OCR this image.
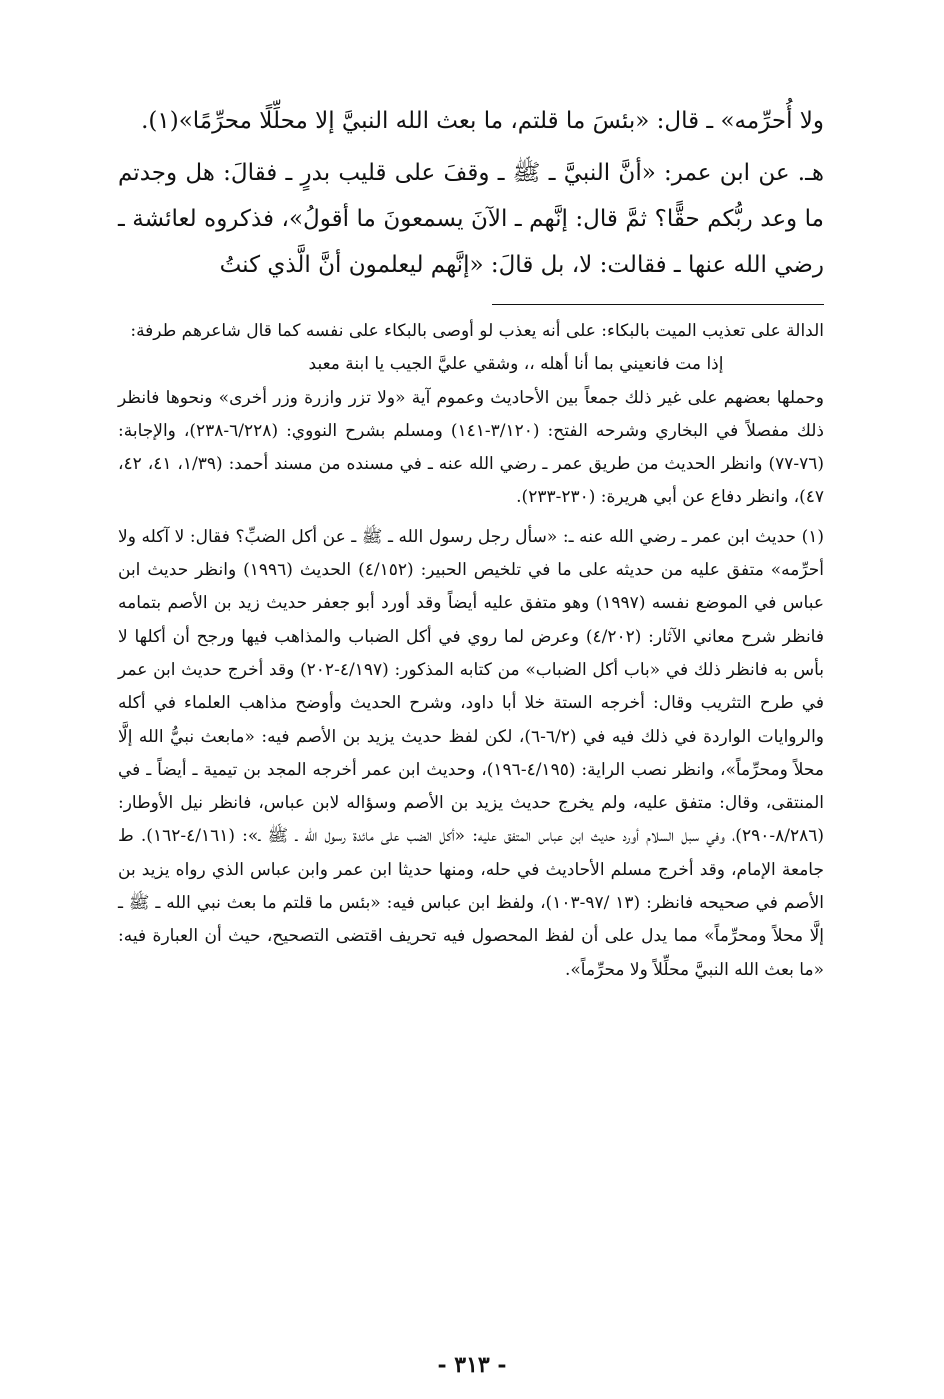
ولا أُحرِّمه» ـ قال: «بئسَ ما قلتم، ما بعث الله النبيَّ إلا محلِّلًا محرِّمًا»(١).

هـ. عن ابن عمر: «أنَّ النبيَّ ـ ﷺ ـ وقفَ على قليب بدرٍ ـ فقالَ: هل وجدتم ما وعد ربُّكم حقًّا؟ ثمَّ قال: إنَّهم ـ الآنَ يسمعونَ ما أقولُ»، فذكروه لعائشة ـ رضي الله عنها ـ فقالت: لا، بل قالَ: «إنَّهم ليعلمون أنَّ الَّذي كنتُ

الدالة على تعذيب الميت بالبكاء: على أنه يعذب لو أوصى بالبكاء على نفسه كما قال شاعرهم طرفة:

إذا مت فانعيني بما أنا أهله ،، وشقي عليَّ الجيب يا ابنة معبد

وحملها بعضهم على غير ذلك جمعاً بين الأحاديث وعموم آية «ولا تزر وازرة وزر أخرى» ونحوها فانظر ذلك مفصلاً في البخاري وشرحه الفتح: (٣/١٢٠-١٤١) ومسلم بشرح النووي: (٦/٢٢٨-٢٣٨)، والإجابة: (٧٦-٧٧) وانظر الحديث من طريق عمر ـ رضي الله عنه ـ في مسنده من مسند أحمد: (١/٣٩، ٤١، ٤٢، ٤٧)، وانظر دفاع عن أبي هريرة: (٢٣٠-٢٣٣).

(١) حديث ابن عمر ـ رضي الله عنه ـ: «سأل رجل رسول الله ـ ﷺ ـ عن أكل الضبِّ؟ فقال: لا آكله ولا أحرِّمه» متفق عليه من حديثه على ما في تلخيص الحبير: (٤/١٥٢) الحديث (١٩٩٦) وانظر حديث ابن عباس في الموضع نفسه (١٩٩٧) وهو متفق عليه أيضاً وقد أورد أبو جعفر حديث زيد بن الأصم بتمامه فانظر شرح معاني الآثار: (٤/٢٠٢) وعرض لما روي في أكل الضباب والمذاهب فيها ورجح أن أكلها لا بأس به فانظر ذلك في «باب أكل الضباب» من كتابه المذكور: (٤/١٩٧-٢٠٢) وقد أخرج حديث ابن عمر في طرح التثريب وقال: أخرجه الستة خلا أبا داود، وشرح الحديث وأوضح مذاهب العلماء في أكله والروايات الواردة في ذلك فيه في (٦/٢-٦)، لكن لفظ حديث يزيد بن الأصم فيه: «مابعث نبيُّ الله إلَّا محلاً ومحرِّماً»، وانظر نصب الراية: (٤/١٩٥-١٩٦)، وحديث ابن عمر أخرجه المجد بن تيمية ـ أيضاً ـ في المنتقى، وقال: متفق عليه، ولم يخرج حديث يزيد بن الأصم وسؤاله لابن عباس، فانظر نيل الأوطار: (٨/٢٨٦-٢٩٠)، وفي سبل السلام أورد حديث ابن عباس المتفق عليه: «أكل الضب على مائدة رسول الله ـ ﷺ ـ»: (٤/١٦١-١٦٢). ط جامعة الإمام، وقد أخرج مسلم الأحاديث في حله، ومنها حديثا ابن عمر وابن عباس الذي رواه يزيد بن الأصم في صحيحه فانظر: (١٣ /٩٧-١٠٣)، ولفظ ابن عباس فيه: «بئس ما قلتم ما بعث نبي الله ـ ﷺ ـ إلَّا محلاً ومحرِّماً» مما يدل على أن لفظ المحصول فيه تحريف اقتضى التصحيح، حيث أن العبارة فيه: «ما بعث الله النبيَّ محلِّلاً ولا محرِّماً».

- ٣١٣ -
